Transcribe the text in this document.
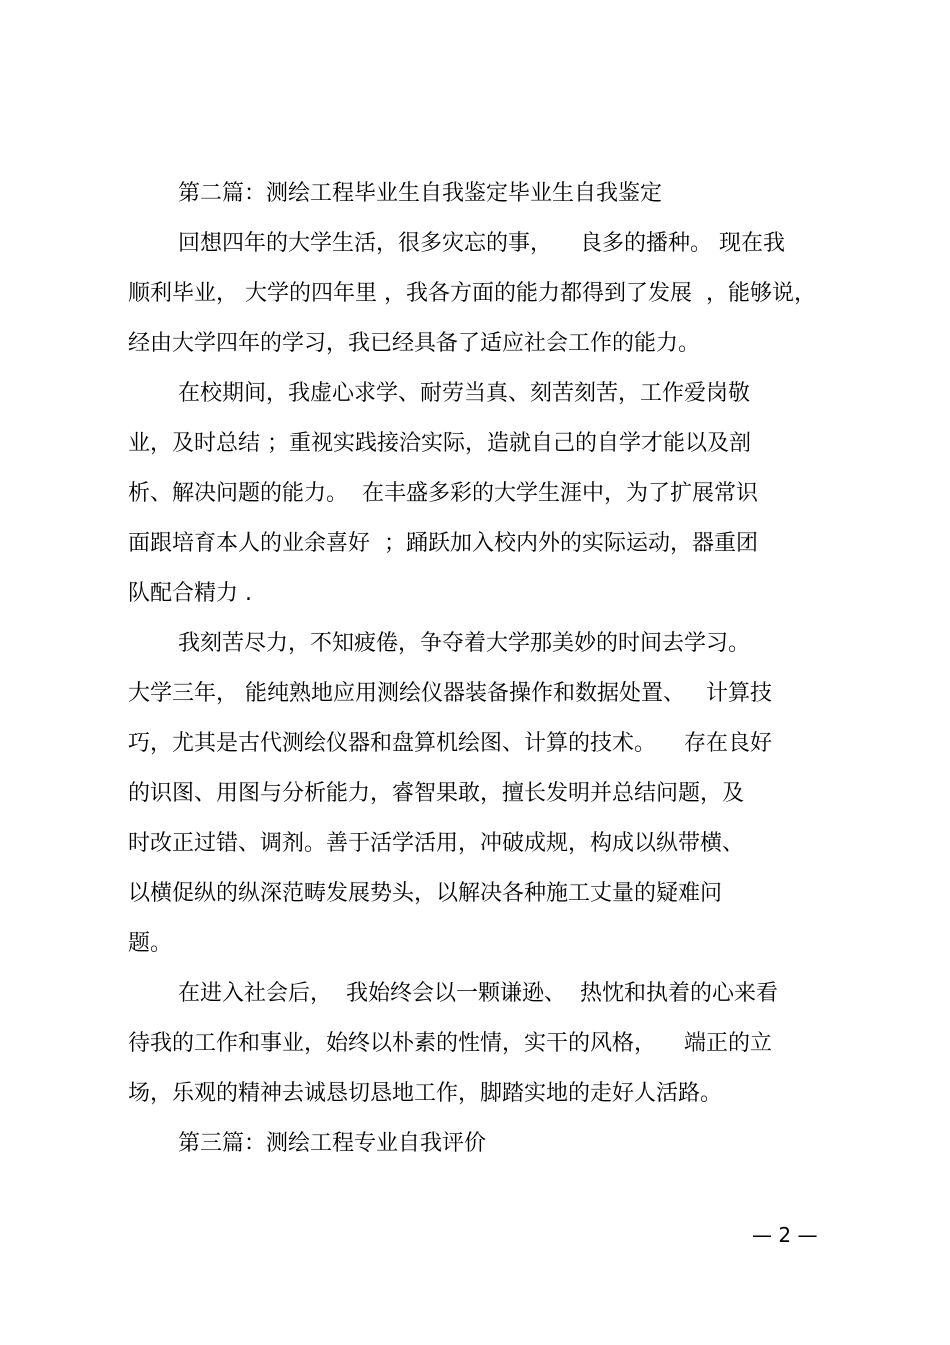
第二篇：测绘工程毕业生自我鉴定毕业生自我鉴定
回想四年的大学生活，很多灾忘的事，    良多的播种。 现在我
顺利毕业， 大学的四年里 ，我各方面的能力都得到了发展  ，能够说，
经由大学四年的学习，我已经具备了适应社会工作的能力。
在校期间，我虚心求学、耐劳当真、刻苦刻苦，工作爱岗敬
业，及时总结 ；重视实践接洽实际，造就自己的自学才能以及剖
析、解决问题的能力。  在丰盛多彩的大学生涯中，为了扩展常识
面跟培育本人的业余喜好  ；踊跃加入校内外的实际运动，器重团
队配合精力 .
我刻苦尽力，不知疲倦，争夺着大学那美妙的时间去学习。
大学三年， 能纯熟地应用测绘仪器装备操作和数据处置、   计算技
巧，尤其是古代测绘仪器和盘算机绘图、计算的技术。    存在良好
的识图、用图与分析能力，睿智果敢，擅长发明并总结问题，及
时改正过错、调剂。善于活学活用，冲破成规，构成以纵带横、
以横促纵的纵深范畴发展势头，以解决各种施工丈量的疑难问
题。
在进入社会后，  我始终会以一颗谦逊、  热忱和执着的心来看
待我的工作和事业，始终以朴素的性情，实干的风格，    端正的立
场，乐观的精神去诚恳切恳地工作，脚踏实地的走好人活路。
第三篇：测绘工程专业自我评价
— 2 —
